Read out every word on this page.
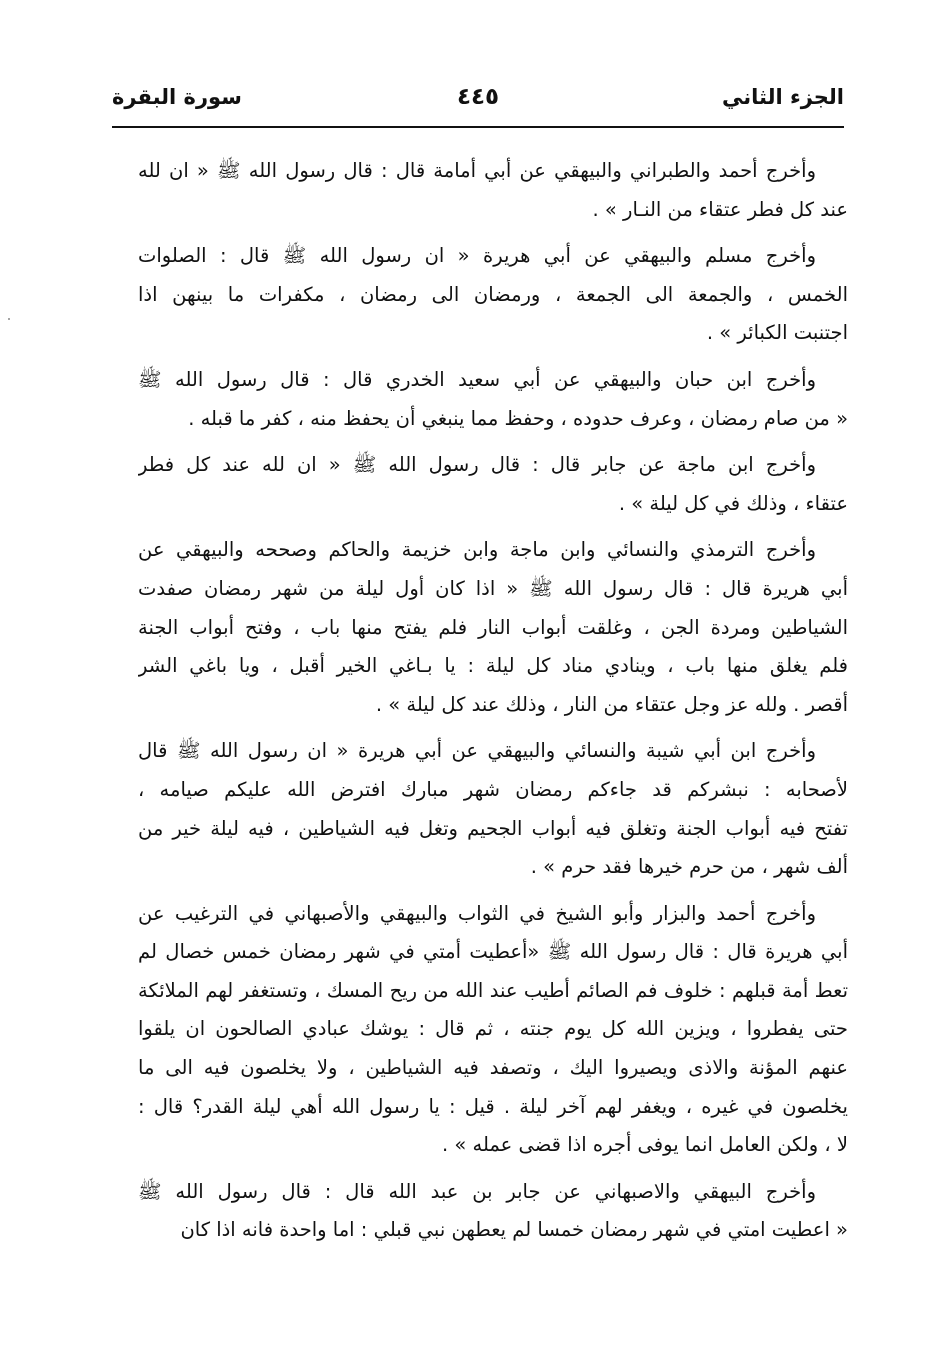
الجزء الثاني
٤٤٥
سورة البقرة
وأخرج أحمد والطبراني والبيهقي عن أبي أمامة قال : قال رسول الله ﷺ « ان لله
عند كل فطر عتقاء من النـار » .
وأخرج مسلم والبيهقي عن أبي هريرة « ان رسول الله ﷺ قال : الصلوات
الخمس ، والجمعة الى الجمعة ، ورمضان الى رمضان ، مكفرات ما بينهن اذا
اجتنبت الكبائر » .
وأخرج ابن حبان والبيهقي عن أبي سعيد الخدري قال : قال رسول الله ﷺ
« من صام رمضان ، وعرف حدوده ، وحفظ مما ينبغي أن يحفظ منه ، كفر ما قبله .
وأخرج ابن ماجة عن جابر قال : قال رسول الله ﷺ « ان لله عند كل فطر
عتقاء ، وذلك في كل ليلة » .
وأخرج الترمذي والنسائي وابن ماجة وابن خزيمة والحاكم وصححه والبيهقي عن
أبي هريرة قال : قال رسول الله ﷺ « اذا كان أول ليلة من شهر رمضان صفدت
الشياطين ومردة الجن ، وغلقت أبواب النار فلم يفتح منها باب ، وفتح أبواب الجنة
فلم يغلق منها باب ، وينادي مناد كل ليلة : يا بـاغي الخير أقبل ، ويا باغي الشر
أقصر . ولله عز وجل عتقاء من النار ، وذلك عند كل ليلة » .
وأخرج ابن أبي شيبة والنسائي والبيهقي عن أبي هريرة « ان رسول الله ﷺ قال
لأصحابه : نبشركم قد جاءكم رمضان شهر مبارك افترض الله عليكم صيامه ،
تفتح فيه أبواب الجنة وتغلق فيه أبواب الجحيم وتغل فيه الشياطين ، فيه ليلة خير من
ألف شهر ، من حرم خيرها فقد حرم » .
وأخرج أحمد والبزار وأبو الشيخ في الثواب والبيهقي والأصبهاني في الترغيب عن
أبي هريرة قال : قال رسول الله ﷺ «أعطيت أمتي في شهر رمضان خمس خصال لم
تعط أمة قبلهم : خلوف فم الصائم أطيب عند الله من ريح المسك ، وتستغفر لهم الملائكة
حتى يفطروا ، ويزين الله كل يوم جنته ، ثم قال : يوشك عبادي الصالحون ان يلقوا
عنهم المؤنة والاذى ويصيروا اليك ، وتصفد فيه الشياطين ، ولا يخلصون فيه الى ما
يخلصون في غيره ، ويغفر لهم آخر ليلة . قيل : يا رسول الله أهي ليلة القدر؟ قال :
لا ، ولكن العامل انما يوفى أجره اذا قضى عمله » .
وأخرج البيهقي والاصبهاني عن جابر بن عبد الله قال : قال رسول الله ﷺ
« اعطيت امتي في شهر رمضان خمسا لم يعطهن نبي قبلي : اما واحدة فانه اذا كان
